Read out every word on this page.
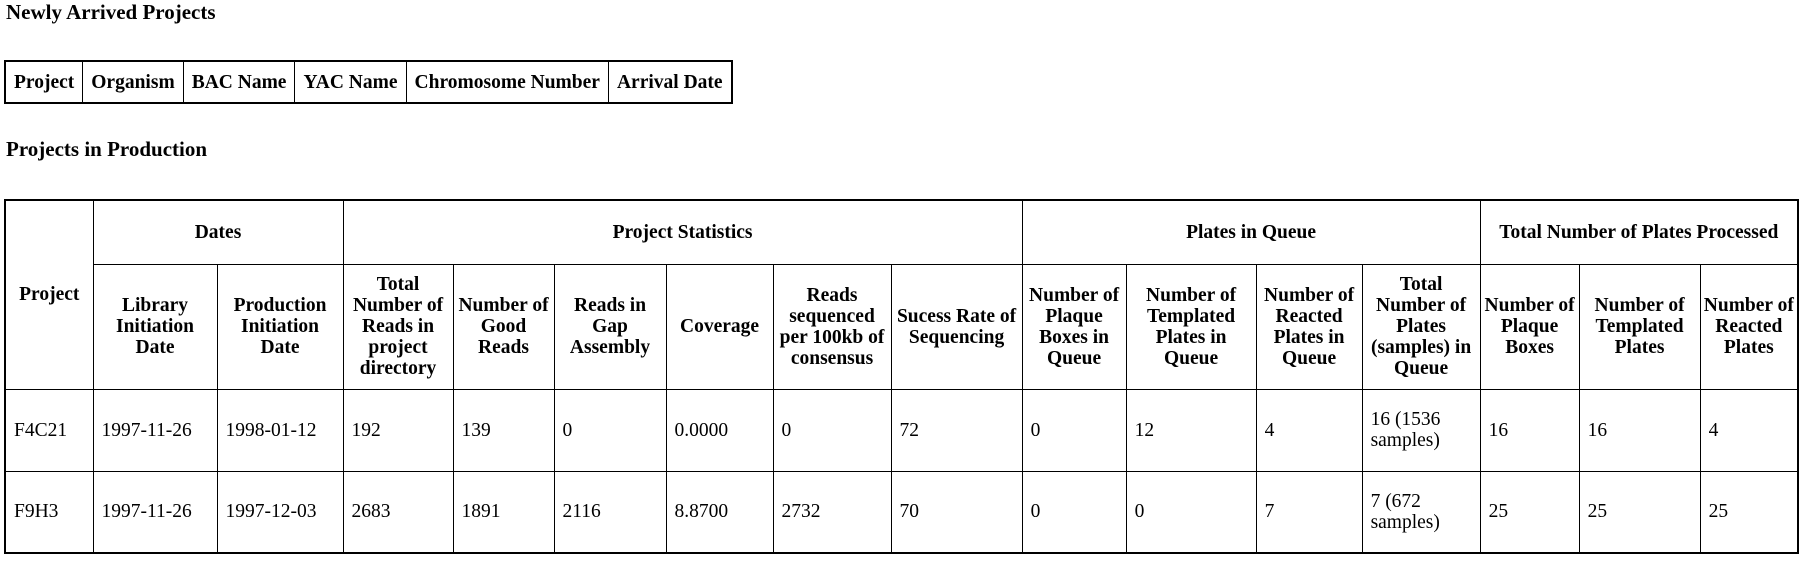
Newly Arrived Projects
Project	Organism	BAC Name	YAC Name	Chromosome Number	Arrival Date
Projects in Production
Project	Dates		Project Statistics						Plates in Queue				Total Number of Plates Processed		
	Library Initiation Date	Production Initiation Date	Total Number of Reads in project directory	Number of Good Reads	Reads in Gap Assembly	Coverage	Reads sequenced per 100kb of consensus	Sucess Rate of Sequencing	Number of Plaque Boxes in Queue	Number of Templated Plates in Queue	Number of Reacted Plates in Queue	Total Number of Plates (samples) in Queue	Number of Plaque Boxes	Number of Templated Plates	Number of Reacted Plates
F4C21	1997-11-26	1998-01-12	192	139	0	0.0000	0	72	0	12	4	16 (1536 samples)	16	16	4
F9H3	1997-11-26	1997-12-03	2683	1891	2116	8.8700	2732	70	0	0	7	7 (672 samples)	25	25	25
